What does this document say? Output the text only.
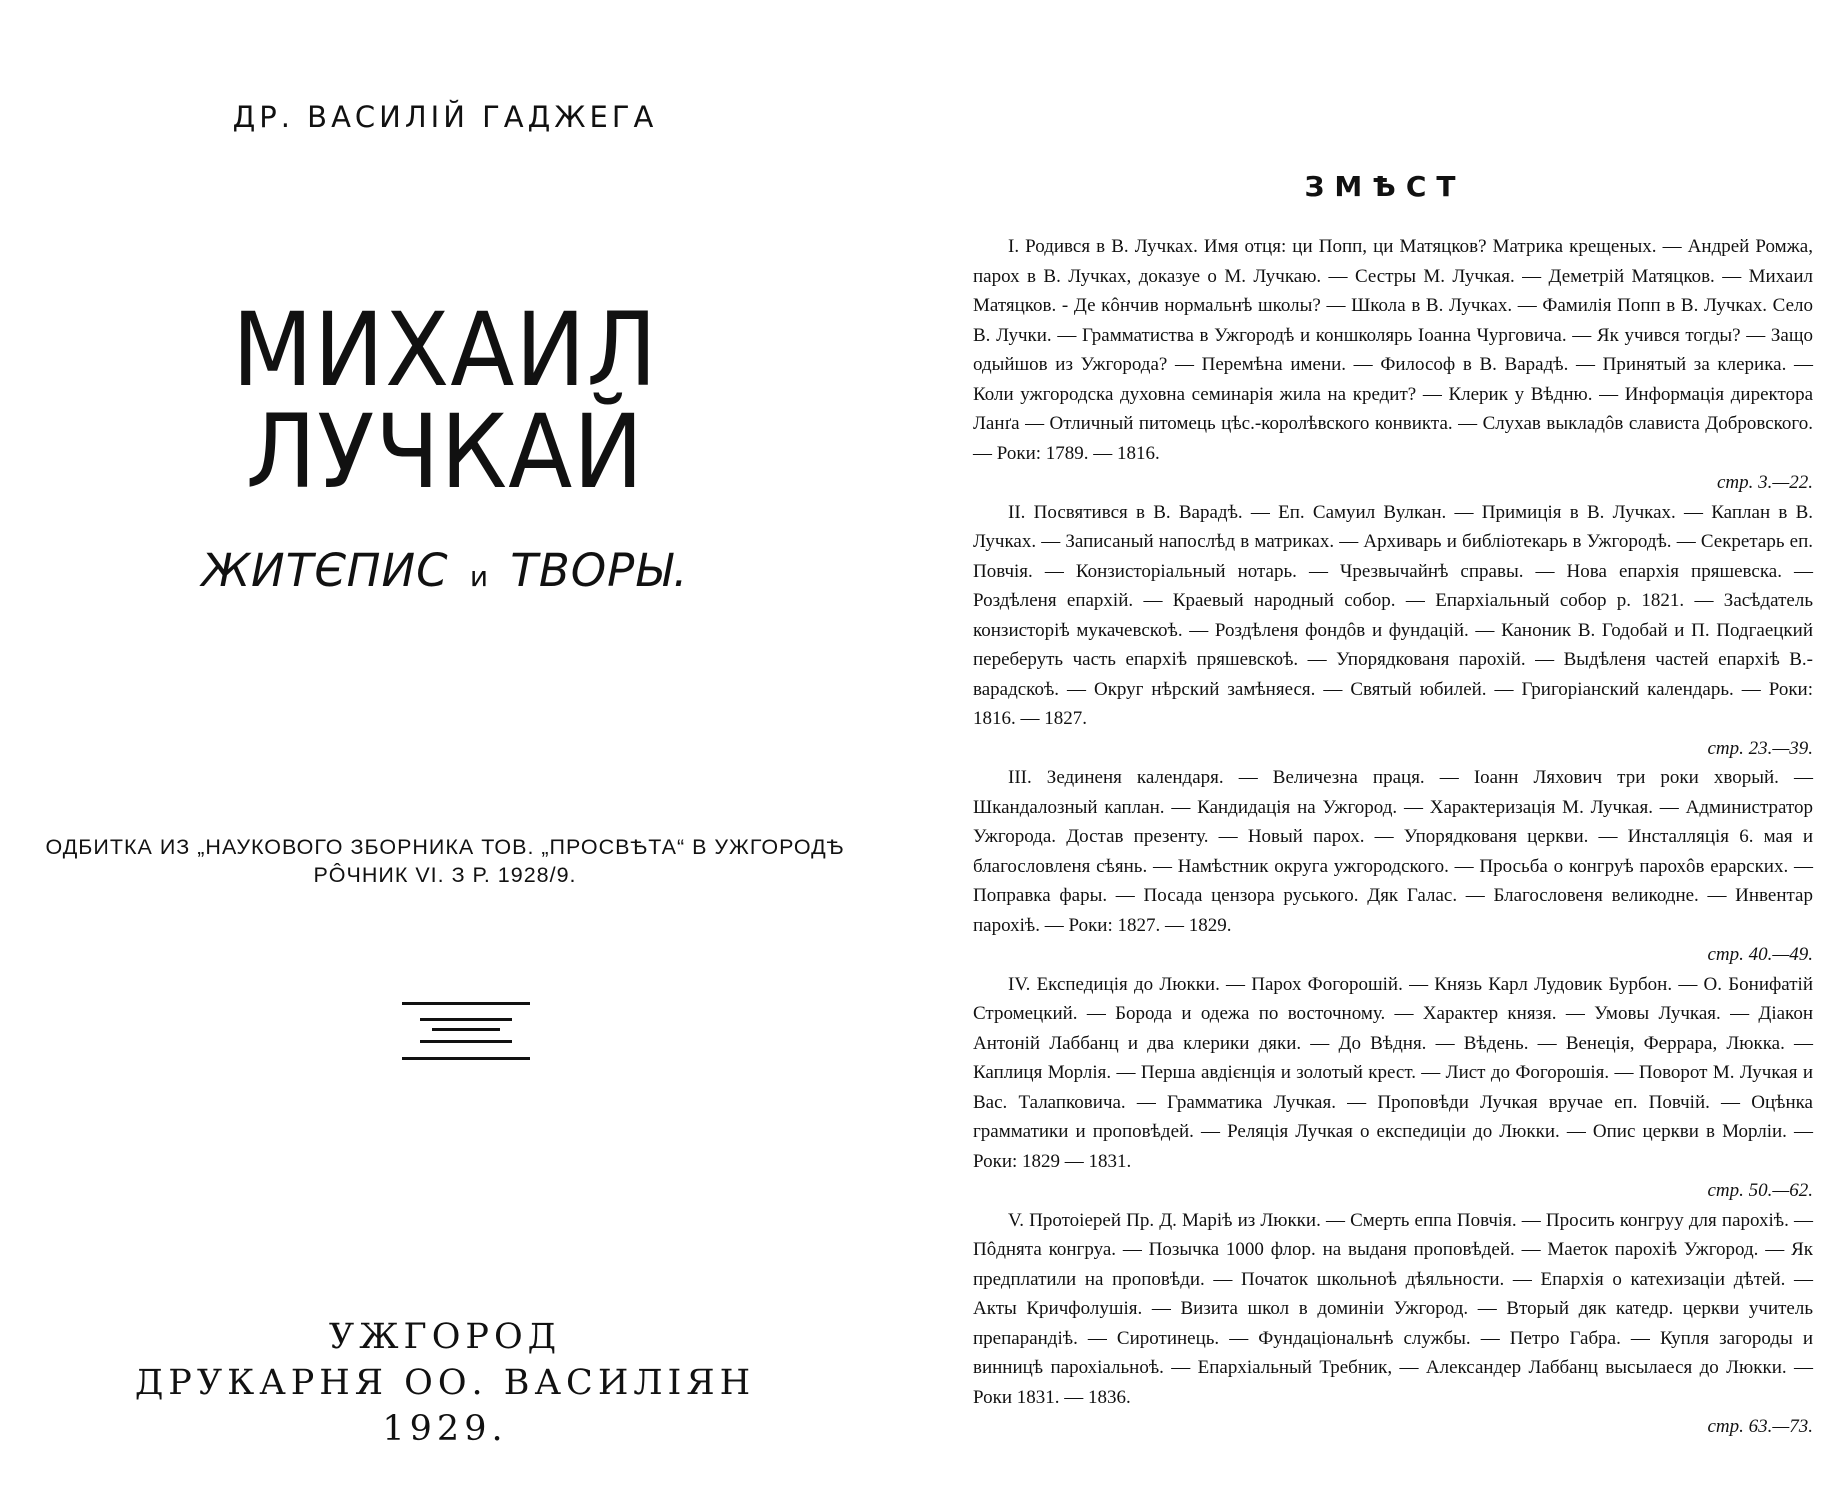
ДР. ВАСИЛІЙ ГАДЖЕГА
МИХАИЛ ЛУЧКАЙ
ЖИТЄПИС и ТВОРЫ.
ОДБИТКА ИЗ „НАУКОВОГО ЗБОРНИКА ТОВ. „ПРОСВѢТА“ В УЖГОРОДѢ
РÔЧНИК VI. З Р. 1928/9.
УЖГОРОД
ДРУКАРНЯ ОО. ВАСИЛІЯН
1929.
ЗМѢСТ
I. Родився в В. Лучках. Имя отця: ци Попп, ци Матяцков? Матрика крещеных. — Андрей Ромжа, парох в В. Лучках, доказуе о М. Лучкаю. — Сестры М. Лучкая. — Деметрій Матяцков. — Михаил Матяцков. - Де кôнчив нормальнѣ школы? — Школа в В. Лучках. — Фамилія Попп в В. Лучках. Село В. Лучки. — Грамматиства в Ужгородѣ и коншколярь Іоанна Чурговича. — Як учився тогды? — Защо одыйшов из Ужгорода? — Перемѣна имени. — Философ в В. Варадѣ. — Принятый за клерика. — Коли ужгородска духовна семинарія жила на кредит? — Клерик у Вѣдню. — Информація директора Ланґа — Отличный питомець цѣс.-королѣвского конвикта. — Слухав выкладôв слависта Добровского. — Роки: 1789. — 1816.
стр. 3.—22.
II. Посвятився в В. Варадѣ. — Еп. Самуил Вулкан. — Примиція в В. Лучках. — Каплан в В. Лучках. — Записаный напослѣд в матриках. — Архиварь и библіотекарь в Ужгородѣ. — Секретарь еп. Повчія. — Конзисторіальный нотарь. — Чрезвычайнѣ справы. — Нова епархія пряшевска. — Роздѣленя епархій. — Краевый народный собор. — Епархіальный собор р. 1821. — Засѣдатель конзисторіѣ мукачевскоѣ. — Роздѣленя фондôв и фундацій. — Каноник В. Годобай и П. Подгаецкий переберуть часть епархіѣ пряшевскоѣ. — Упорядкованя парохій. — Выдѣленя частей епархіѣ В.- варадскоѣ. — Округ нѣрский замѣняеся. — Святый юбилей. — Григоріанский календарь. — Роки: 1816. — 1827.
стр. 23.—39.
III. Зединеня календаря. — Величезна праця. — Іоанн Ляхович три роки хворый. — Шкандалозный каплан. — Кандидація на Ужгород. — Характеризація М. Лучкая. — Администратор Ужгорода. Достав презенту. — Новый парох. — Упорядкованя церкви. — Инсталляція 6. мая и благословленя сѣянь. — Намѣстник округа ужгородского. — Просьба о конгруѣ парохôв ерарских. — Поправка фары. — Посада цензора руського. Дяк Галас. — Благословеня великодне. — Инвентар парохіѣ. — Роки: 1827. — 1829.
стр. 40.—49.
IV. Експедиція до Люкки. — Парох Фогорошій. — Князь Карл Лудовик Бурбон. — О. Бонифатій Стромецкий. — Борода и одежа по восточному. — Характер князя. — Умовы Лучкая. — Діакон Антоній Лаббанц и два клерики дяки. — До Вѣдня. — Вѣдень. — Венеція, Феррара, Люкка. — Каплиця Морлія. — Перша авдієнція и золотый крест. — Лист до Фогорошія. — Поворот М. Лучкая и Вас. Талапковича. — Грамматика Лучкая. — Проповѣди Лучкая вручае еп. Повчій. — Оцѣнка грамматики и проповѣдей. — Реляція Лучкая о експедиціи до Люкки. — Опис церкви в Морліи. — Роки: 1829 — 1831.
стр. 50.—62.
V. Протоіерей Пр. Д. Маріѣ из Люкки. — Смерть еппа Повчія. — Просить конгруу для парохіѣ. — Пôднята конгруа. — Позычка 1000 флор. на выданя проповѣдей. — Маеток парохіѣ Ужгород. — Як предплатили на проповѣди. — Початок школьноѣ дѣяльности. — Епархія о катехизаціи дѣтей. — Акты Кричфолушія. — Визита школ в доминіи Ужгород. — Вторый дяк катедр. церкви учитель препарандіѣ. — Сиротинець. — Фундаціональнѣ службы. — Петро Габра. — Купля загороды и винницѣ парохіальноѣ. — Епархіальный Требник, — Александер Лаббанц высылаеся до Люкки. — Роки 1831. — 1836.
стр. 63.—73.
